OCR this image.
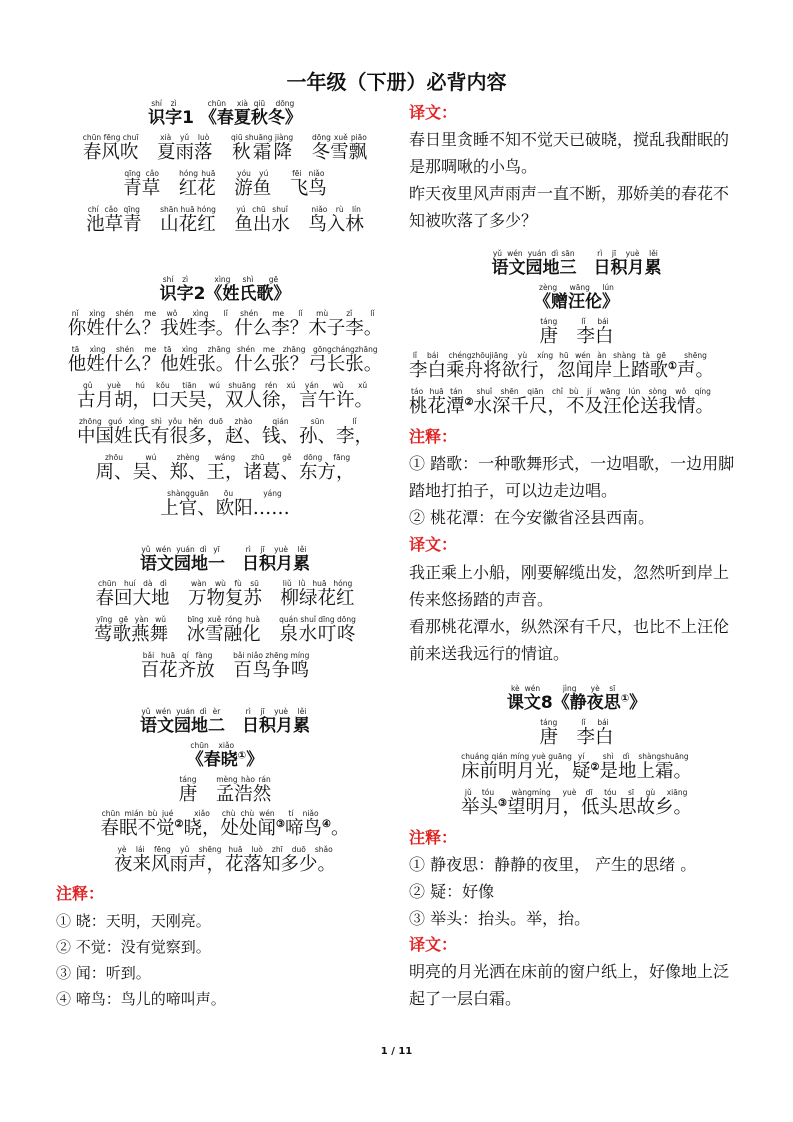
一年级（下册）必背内容
识shí字zì1 《春chūn夏xià秋qiū冬》dōng
春风吹chūn fēng chuī　夏雨落xià yǔ luò　秋霜降qiū shuāng jiàng　冬雪飘dōng xuě piāo
青草qīng cǎo　红花hóng huā　游鱼yóu yú　飞鸟fēi niǎo
池草青chí cǎo qīng　山花红shān huā hóng　鱼出水yú chū shuǐ　鸟入林niǎo rù lín
识shí字zì2《姓xìng氏shì歌》gē
你姓什么？nǐ xìng shén me我姓李。wǒ xìng lǐ什么李？shén me lǐ木子李。mù zǐ lǐ
他姓什么？tā xìng shén me他姓张。tā xìng zhāng什么张？shén me zhāng弓长张。gōngchángzhāng
古月胡，gǔ yuè hú口天吴，kǒu tiān wú双人徐，shuāng rén xú言午许。yán wǔ xǔ
中国姓氏有很多，zhōng guó xìng shì yǒu hěn duō赵、zhào钱、qián孙、sūn李，lǐ
周、zhōu吴、wú郑、zhèng王，wáng诸葛、zhū gě东方，dōng fāng
上官、shàngguān欧阳……ōu yáng
语文园地yǔ wén yuán dì一yī　日积月累rì jī yuè lěi
春回大地chūn huí dà dì　万物复苏wàn wù fù sū　柳绿花红liǔ lǜ huā hóng
莺歌燕舞yīng gē yàn wǔ　冰雪融化bīng xuě róng huà　泉水叮咚quán shuǐ dīng dōng
百花齐放bǎi huā qí fàng　百鸟争鸣bǎi niǎo zhēng míng
语文园地yǔ wén yuán dì二èr　日积月累rì jī yuè lěi
《春晓chūn xiǎo①》
唐táng　孟浩然mèng hào rán
春眠不觉chūn mián bù jué②晓，xiǎo处处闻chù chù wén③啼鸟tí niǎo④。
夜来风雨声，yè lái fēng yǔ shēng花落知多少。huā luò zhī duō shǎo

注释：

① 晓：天明，天刚亮。

② 不觉：没有觉察到。

③ 闻：听到。

④ 啼鸟：鸟儿的啼叫声。

译文：

春日里贪睡不知不觉天已破晓，搅乱我酣眠的是那啁啾的小鸟。

昨天夜里风声雨声一直不断，那娇美的春花不知被吹落了多少？

语文园地yǔ wén yuán dì三sān　日积月累rì jī yuè lěi
《赠汪伦》zèng wāng lún
唐táng　李白lǐ bái
李白乘舟将欲行，lǐ bái chéngzhōujiāng yù xíng忽闻岸上踏歌hū wén àn shàng tà gē①声。shēng
桃花潭táo huā tán②水深千尺，shuǐ shēn qiān chǐ不及汪伦送我情。bù jí wāng lún sòng wǒ qíng

注释：

① 踏歌：一种歌舞形式，一边唱歌，一边用脚踏地打拍子，可以边走边唱。

② 桃花潭：在今安徽省泾县西南。

译文：

我正乘上小船，刚要解缆出发，忽然听到岸上传来悠扬踏的声音。

看那桃花潭水，纵然深有千尺，也比不上汪伦前来送我远行的情谊。

课kè文wén8《静jìng夜yè思sī①》
唐táng　李白lǐ bái
床前明月光，chuáng qián míng yuè guāng疑yí②是地上霜。shì dì shàngshuāng
举头jǔ tóu③望明月，wàngmíng yuè低头思故乡。dī tóu sī gù xiāng

注释：

① 静夜思：静静的夜里， 产生的思绪 。

② 疑：好像

③ 举头：抬头。举，抬。

译文：

明亮的月光洒在床前的窗户纸上，好像地上泛起了一层白霜。

1 / 11
